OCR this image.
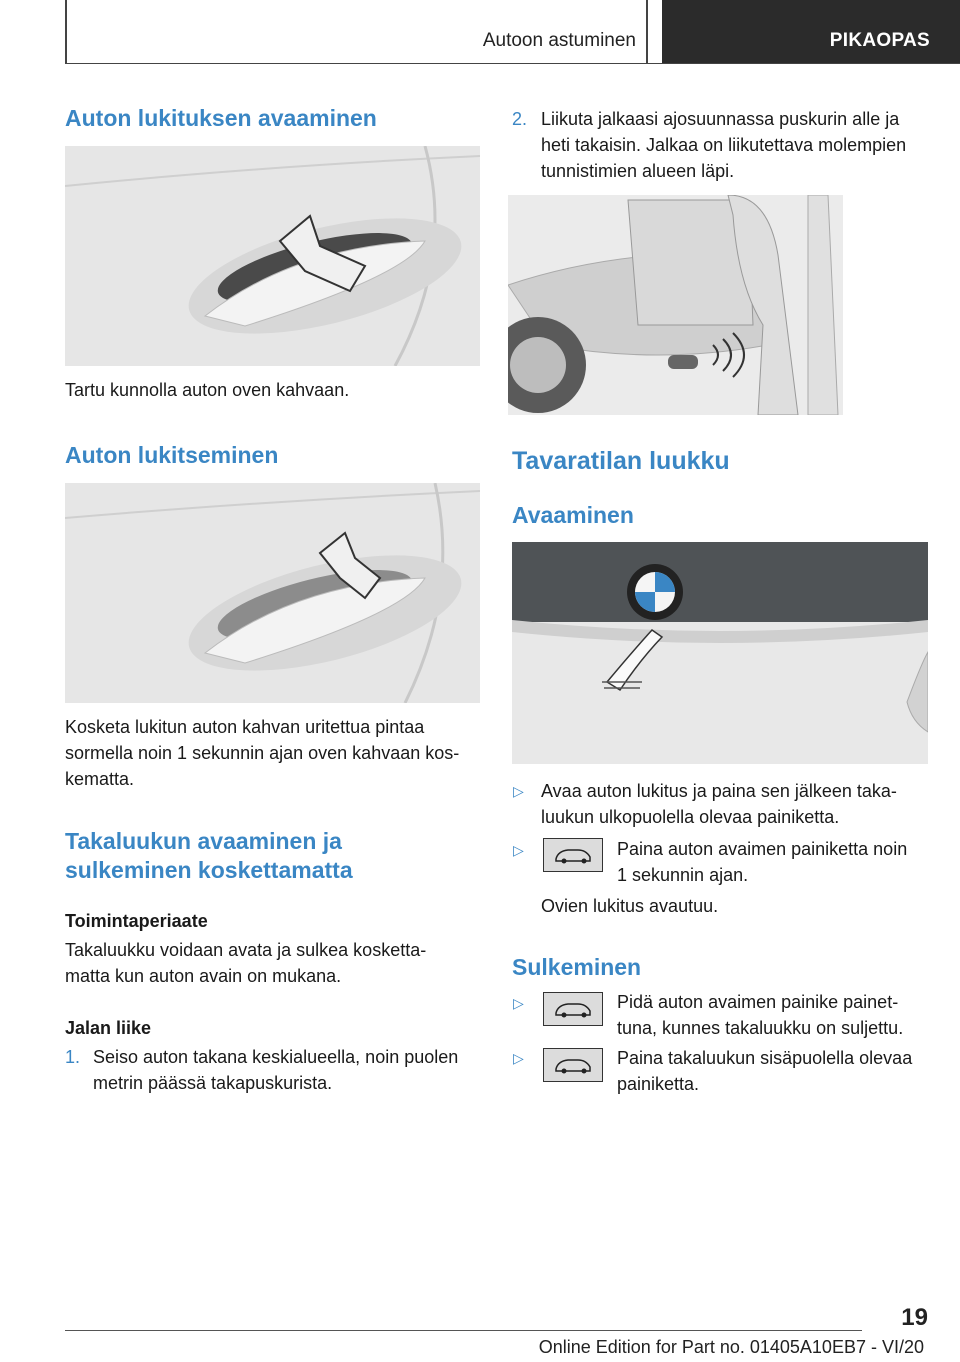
Autoon astuminen	PIKAOPAS
Auton lukituksen avaaminen

Tartu kunnolla auton oven kahvaan.

Auton lukitseminen

Kosketa lukitun auton kahvan uritettua pintaa

sormella noin 1 sekunnin ajan oven kahvaan kos-

kematta.

Takaluukun avaaminen ja
sulkeminen koskettamatta
Toimintaperiaate

Takaluukku voidaan avata ja sulkea kosketta-

matta kun auton avain on mukana.

Jalan liike
1. Seiso auton takana keskialueella, noin puolen

metrin päässä takapuskurista.

2. Liikuta jalkaasi ajosuunnassa puskurin alle ja

heti takaisin. Jalkaa on liikutettava molempien

tunnistimien alueen läpi.

Tavaratilan luukku
Avaaminen
▷ Avaa auton lukitus ja paina sen jälkeen taka-

luukun ulkopuolella olevaa painiketta.

▷	Paina auton avaimen painiketta noin

1 sekunnin ajan.

Ovien lukitus avautuu.

Sulkeminen
▷	Pidä auton avaimen painike painet-

tuna, kunnes takaluukku on suljettu.

▷	Paina takaluukun sisäpuolella olevaa

painiketta.

19
Online Edition for Part no. 01405A10EB7 - VI/20
